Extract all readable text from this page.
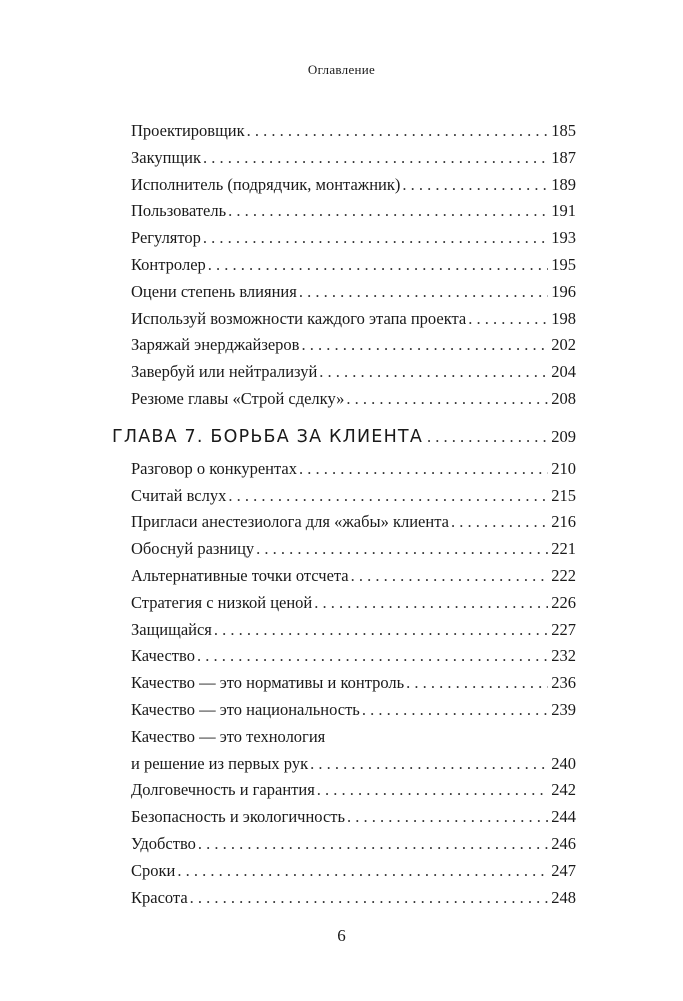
Оглавление
Проектировщик . . .	185
Закупщик . . .	187
Исполнитель (подрядчик, монтажник) . . .	189
Пользователь . . .	191
Регулятор . . .	193
Контролер . . .	195
Оцени степень влияния . . .	196
Используй возможности каждого этапа проекта . . .	198
Заряжай энерджайзеров . . .	202
Завербуй или нейтрализуй . . .	204
Резюме главы «Строй сделку» . . .	208
ГЛАВА 7. БОРЬБА ЗА КЛИЕНТА . . .	209
Разговор о конкурентах . . .	210
Считай вслух . . .	215
Пригласи анестезиолога для «жабы» клиента . . .	216
Обоснуй разницу . . .	221
Альтернативные точки отсчета . . .	222
Стратегия с низкой ценой . . .	226
Защищайся . . .	227
Качество . . .	232
Качество — это нормативы и контроль . . .	236
Качество — это национальность . . .	239
Качество — это технология
и решение из первых рук . . .	240
Долговечность и гарантия . . .	242
Безопасность и экологичность . . .	244
Удобство . . .	246
Сроки . . .	247
Красота . . .	248
6
